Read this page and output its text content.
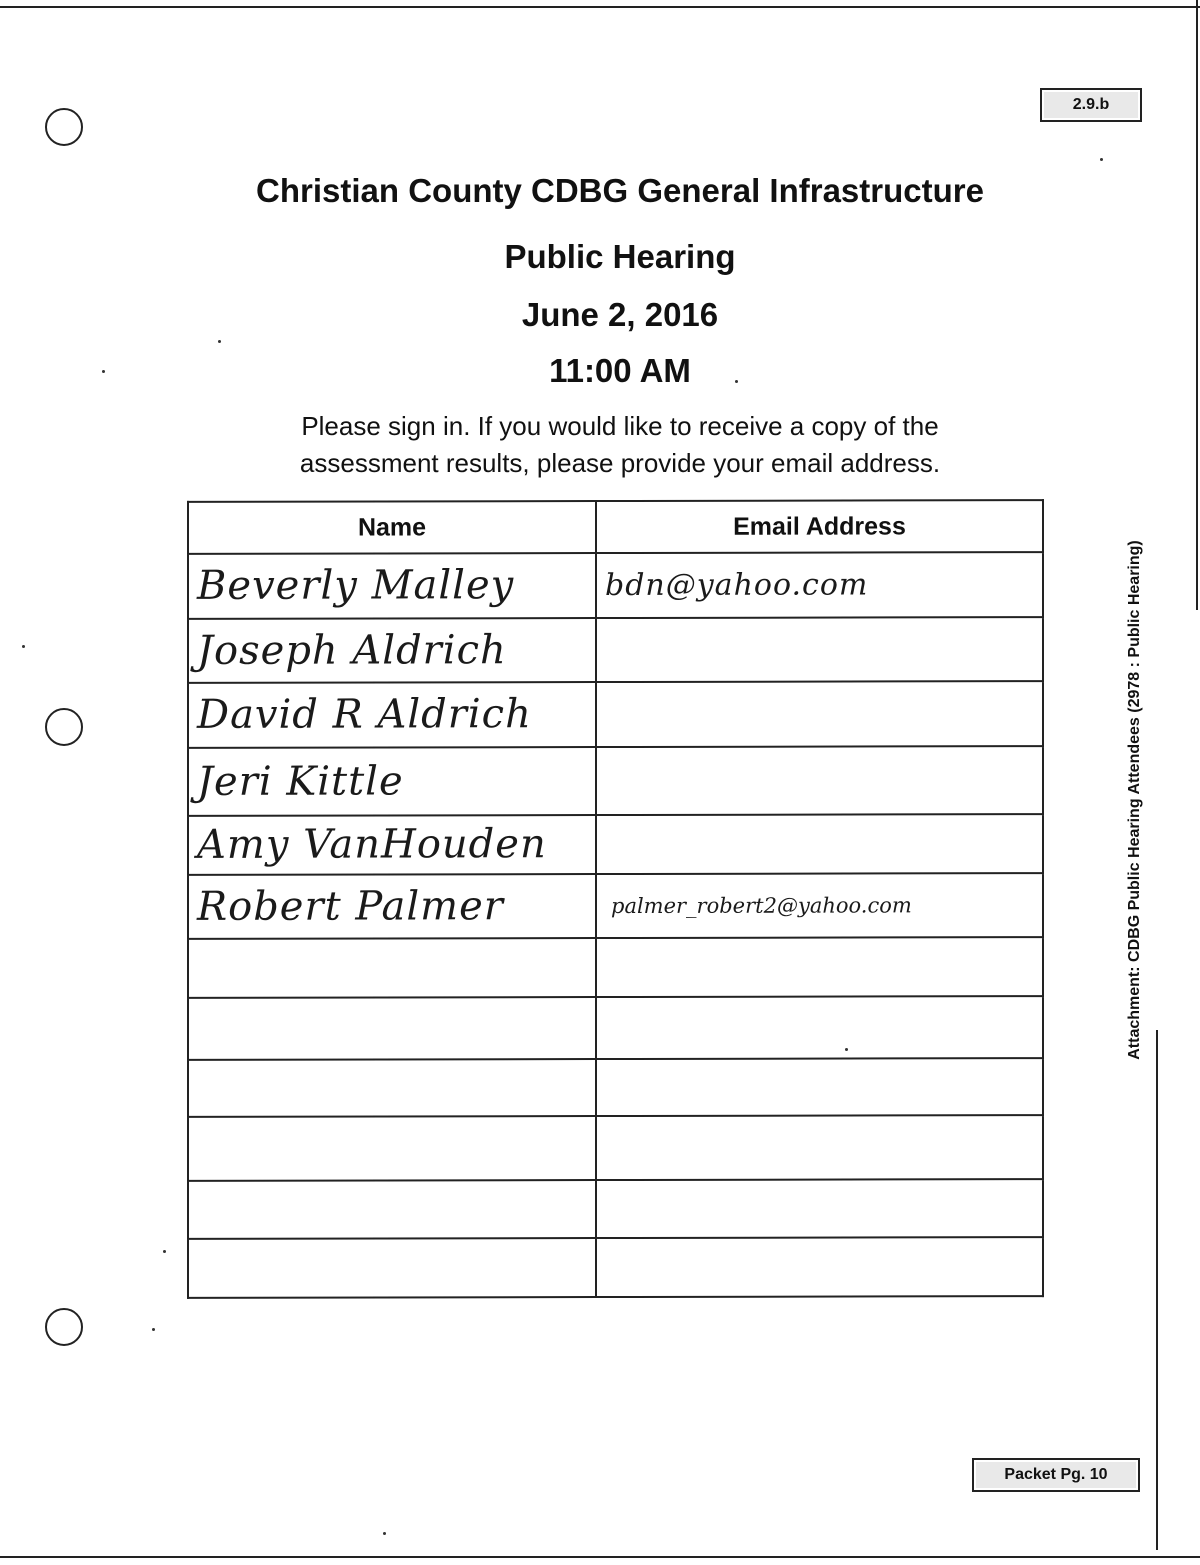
2.9.b
Christian County CDBG General Infrastructure
Public Hearing
June 2, 2016
11:00 AM
Please sign in. If you would like to receive a copy of the assessment results, please provide your email address.
Attachment: CDBG Public Hearing Attendees (2978 : Public Hearing)
Name	Email Address
Beverly Malley	bdn@yahoo.com
Joseph Aldrich	
David R Aldrich	
Jeri Kittle	
Amy VanHouden	
Robert Palmer	palmer_robert2@yahoo.com

Packet Pg. 10
